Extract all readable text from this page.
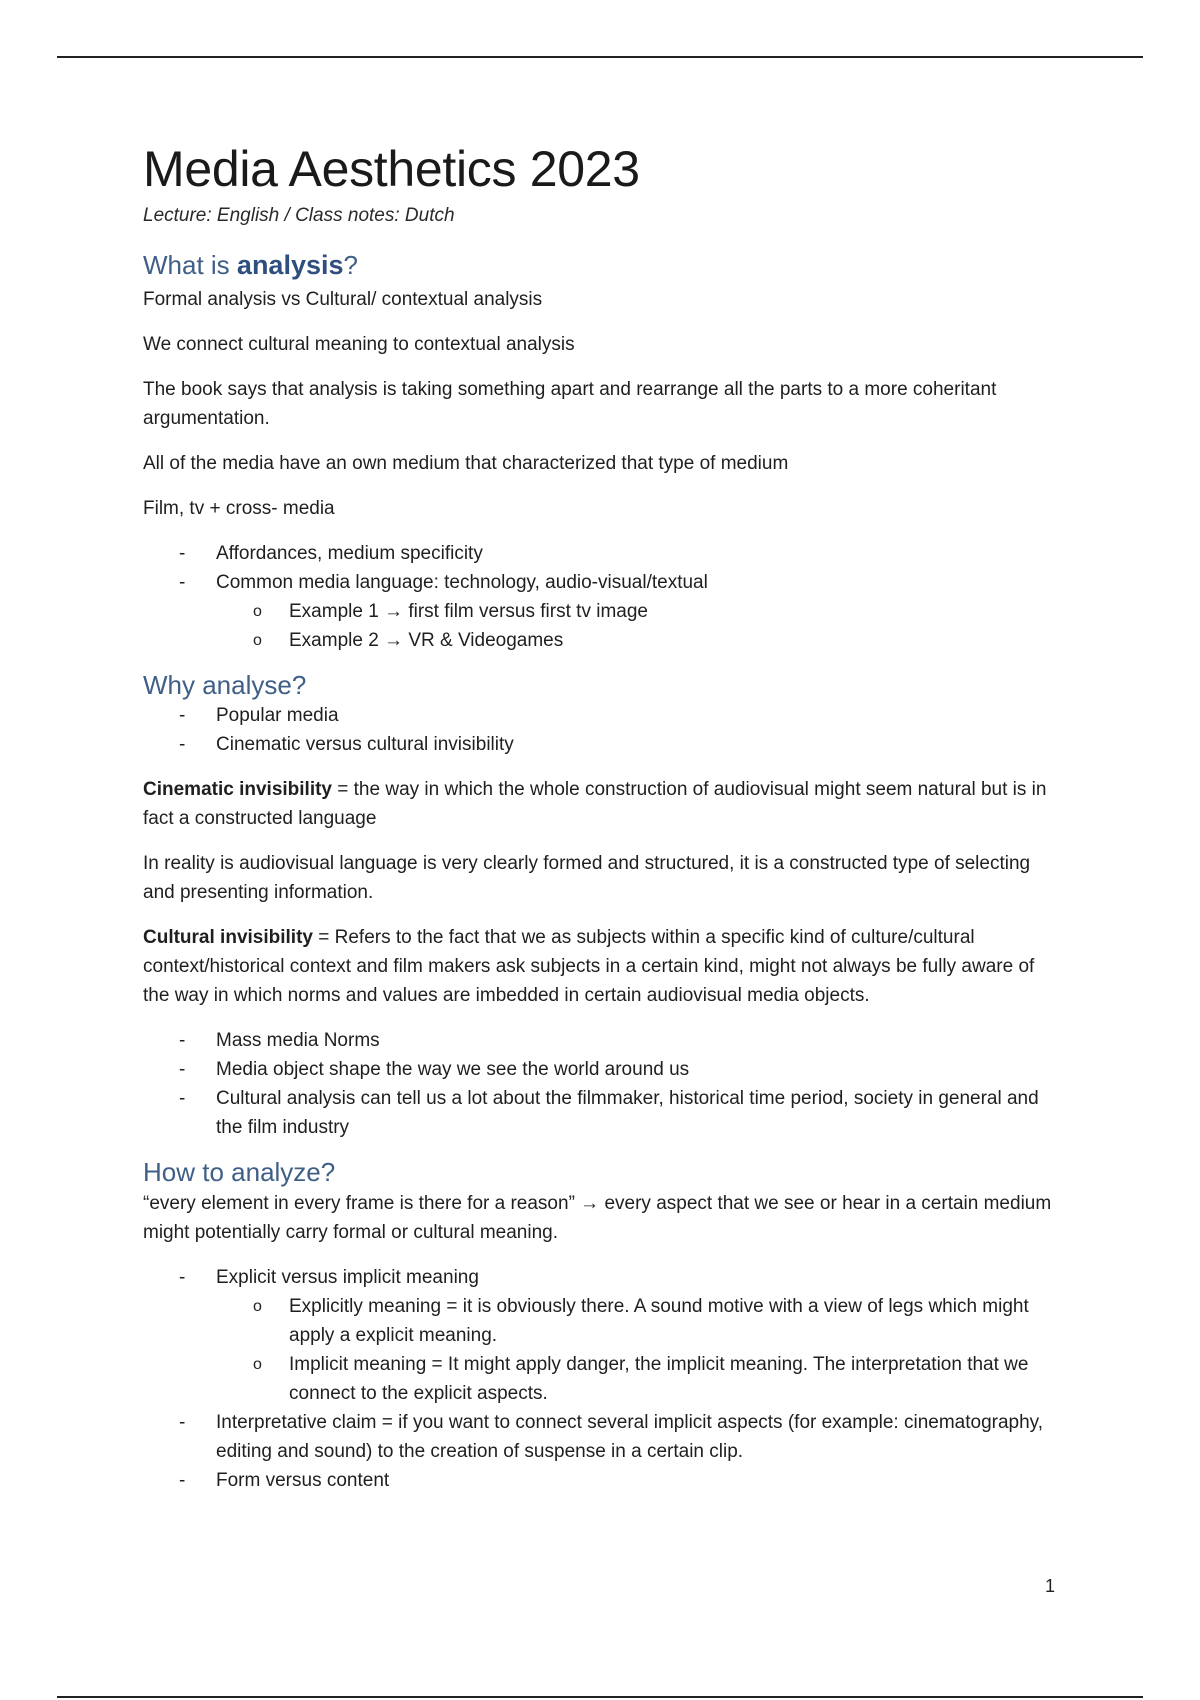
Media Aesthetics 2023
Lecture: English / Class notes: Dutch
What is analysis?

Formal analysis vs Cultural/ contextual analysis

We connect cultural meaning to contextual analysis

The book says that analysis is taking something apart and rearrange all the parts to a more coheritant argumentation.

All of the media have an own medium that characterized that type of medium

Film, tv + cross- media

- Affordances, medium specificity
- Common media language: technology, audio-visual/textual
o Example 1 → first film versus first tv image
o Example 2 → VR & Videogames
Why analyse?
- Popular media
- Cinematic versus cultural invisibility

Cinematic invisibility = the way in which the whole construction of audiovisual might seem natural but is in fact a constructed language

In reality is audiovisual language is very clearly formed and structured, it is a constructed type of selecting and presenting information.

Cultural invisibility = Refers to the fact that we as subjects within a specific kind of culture/cultural context/historical context and film makers ask subjects in a certain kind, might not always be fully aware of the way in which norms and values are imbedded in certain audiovisual media objects.

- Mass media Norms
- Media object shape the way we see the world around us
- Cultural analysis can tell us a lot about the filmmaker, historical time period, society in general and the film industry
How to analyze?

“every element in every frame is there for a reason” → every aspect that we see or hear in a certain medium might potentially carry formal or cultural meaning.

- Explicit versus implicit meaning
o Explicitly meaning = it is obviously there. A sound motive with a view of legs which might apply a explicit meaning.
o Implicit meaning = It might apply danger, the implicit meaning. The interpretation that we connect to the explicit aspects.
- Interpretative claim = if you want to connect several implicit aspects (for example: cinematography, editing and sound) to the creation of suspense in a certain clip.
- Form versus content
1
